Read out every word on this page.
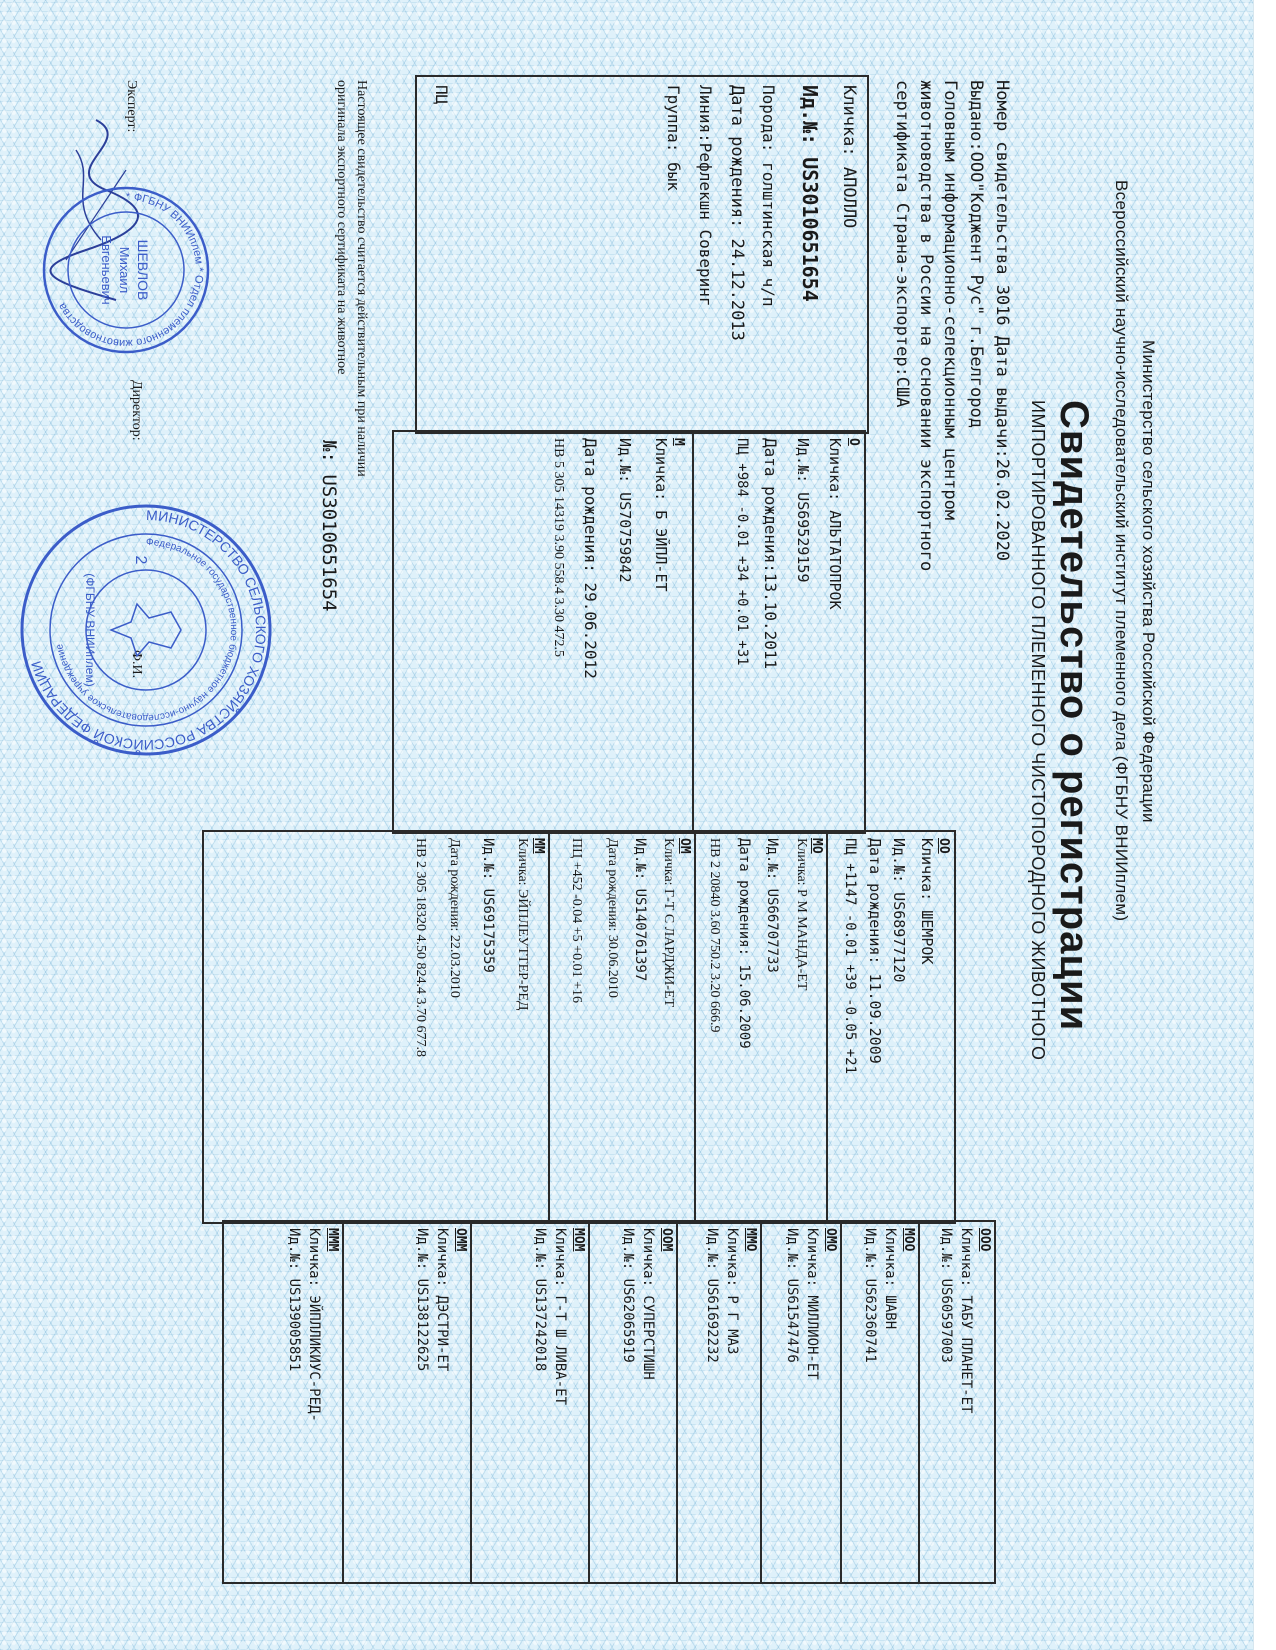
Министерство сельского хозяйства Российской Федерации
Всероссийский научно-исследовательский институт племенного дела (ФГБНУ ВНИИплем)
Свидетельство о регистрации
ИМПОРТИРОВАННОГО ПЛЕМЕННОГО ЧИСТОПОРОДНОГО ЖИВОТНОГО
Номер свидетельства 3016 Дата выдачи:26.02.2020
Выдано:ООО"Коджент Рус" г.Белгород
Головным информационно-селекционным центром
животноводства в России на основании экспортного
сертификата Страна-экспортер:США
Кличка: АПОЛЛО
Ид.№: US3010651654
Порода: голштинская ч/п
Дата рождения: 24.12.2013
Линия:Рефлекшн Соверинг
Группа: бык
ПЦ
О
Кличка: АЛЬТАТОПРОК
Ид.№: US69529159
Дата рождения:13.10.2011
ПЦ +984 -0.01 +34 +0.01 +31
М
Кличка: Б ЭЙПЛ-ЕТ
Ид.№: US70759842
Дата рождения: 29.06.2012
НВ 5 305 14319 3.90 558.4 3.30 472.5
ОО
Кличка: ШЕМРОК
Ид.№: US68977120
Дата рождения: 11.09.2009
ПЦ +1147 -0.01 +39 -0.05 +21
МО
Кличка: Р М МАНДА-ЕТ
Ид.№: US66707733
Дата рождения: 15.06.2009
НВ 2 20840 3.60 750.2 3.20 666.9
ОМ
Кличка: Г-Т С ЛАРДЖИ-ЕТ
Ид.№: US140761397
Дата рождения: 30.06.2010
ПЦ +452 -0.04 +5 +0.01 +16
ММ
Кличка: ЭЙПЛЕУТТЕР-РЕД
Ид.№: US69175359
Дата рождения: 22.03.2010
НВ 2 305 18320 4.50 824.4 3.70 677.8
ООО
Кличка: ТАБУ ПЛАНЕТ-ЕТ
Ид.№: US60597003
МОО
Кличка: ШАВН
Ид.№: US62360741
ОМО
Кличка: МИЛЛИОН-ЕТ
Ид.№: US61547476
ММО
Кличка: Р Г МАЗ
Ид.№: US61692232
ООМ
Кличка: СУПЕРСТИШН
Ид.№: US62065919
МОМ
Кличка: Г-Т Ш ЛИВА-ЕТ
Ид.№: US137242018
ОММ
Кличка: ДЭСТРИ-ЕТ
Ид.№: US138122625
МММ
Кличка: ЭЙПЛЛИКИУС-РЕД-
Ид.№: US139005851
Настоящее свидетельство считается действительным при наличии
оригинала экспортного сертификата на животное
№: US3010651654
Эксперт:
Директор:
Ф.И.
* ФГБНУ ВНИИплем * Отдел племенного животноводства
ШЕВЛОВ
Михаил
Евгеньевич
МИНИСТЕРСТВО СЕЛЬСКОГО ХОЗЯЙСТВА РОССИЙСКОЙ ФЕДЕРАЦИИ
Федеральное государственное бюджетное научно-исследовательское учреждение	(ФГБНУ ВНИИплем)
2
